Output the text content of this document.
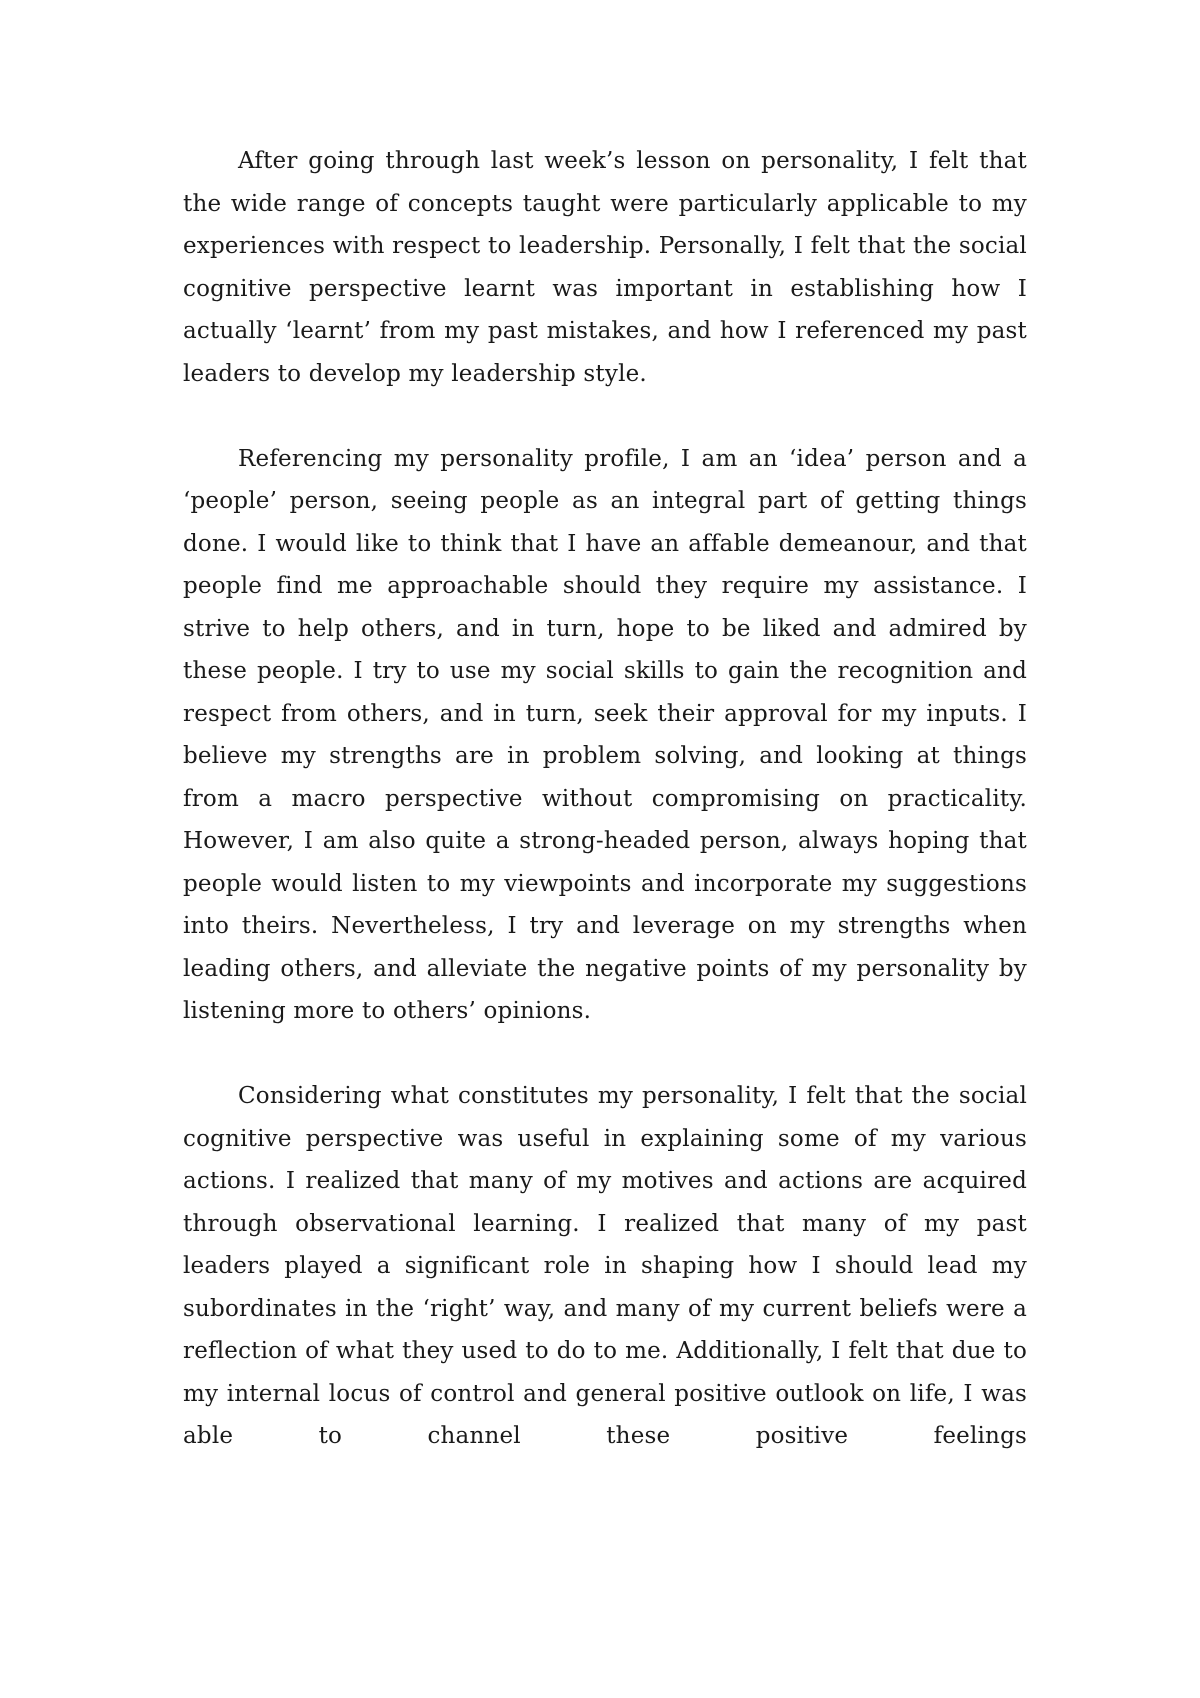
After going through last week’s lesson on personality, I felt that the wide range of concepts taught were particularly applicable to my experiences with respect to leadership. Personally, I felt that the social cognitive perspective learnt was important in establishing how I actually ‘learnt’ from my past mistakes, and how I referenced my past leaders to develop my leadership style.

Referencing my personality profile, I am an ‘idea’ person and a ‘people’ person, seeing people as an integral part of getting things done. I would like to think that I have an affable demeanour, and that people find me approachable should they require my assistance. I strive to help others, and in turn, hope to be liked and admired by these people. I try to use my social skills to gain the recognition and respect from others, and in turn, seek their approval for my inputs. I believe my strengths are in problem solving, and looking at things from a macro perspective without compromising on practicality. However, I am also quite a strong-headed person, always hoping that people would listen to my viewpoints and incorporate my suggestions into theirs. Nevertheless, I try and leverage on my strengths when leading others, and alleviate the negative points of my personality by listening more to others’ opinions.

Considering what constitutes my personality, I felt that the social cognitive perspective was useful in explaining some of my various actions. I realized that many of my motives and actions are acquired through observational learning. I realized that many of my past leaders played a significant role in shaping how I should lead my subordinates in the ‘right’ way, and many of my current beliefs were a reflection of what they used to do to me. Additionally, I felt that due to my internal locus of control and general positive outlook on life, I was able to channel these positive feelings
